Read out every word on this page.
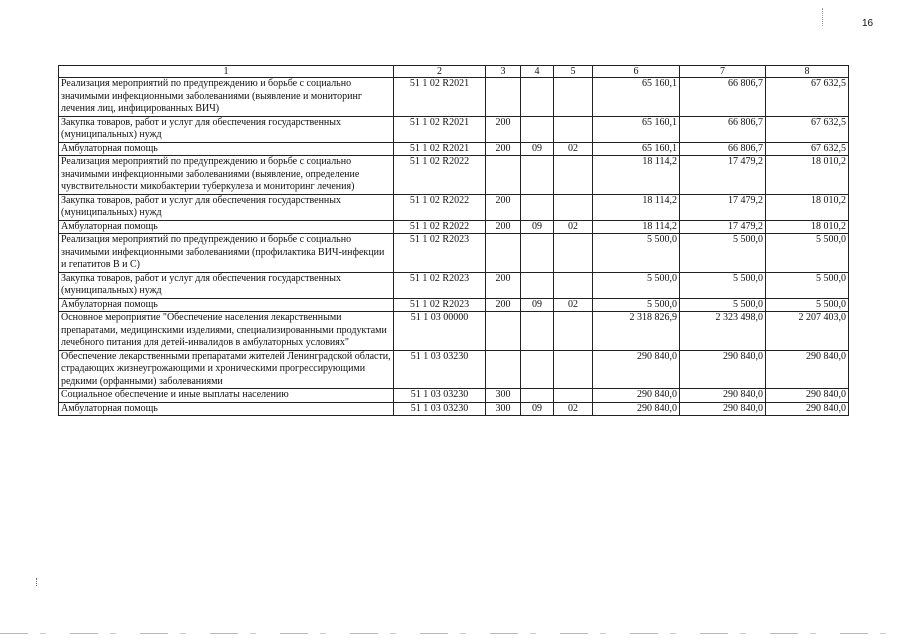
16
1	2	3	4	5	6	7	8
Реализация мероприятий по предупреждению и борьбе с социально значимыми инфекционными заболеваниями (выявление и мониторинг лечения лиц, инфицированных ВИЧ)	51 1 02 R2021				65 160,1	66 806,7	67 632,5
Закупка товаров, работ и услуг для обеспечения государственных (муниципальных) нужд	51 1 02 R2021	200			65 160,1	66 806,7	67 632,5
Амбулаторная помощь	51 1 02 R2021	200	09	02	65 160,1	66 806,7	67 632,5
Реализация мероприятий по предупреждению и борьбе с социально значимыми инфекционными заболеваниями (выявление, определение чувствительности микобактерии туберкулеза и мониторинг лечения)	51 1 02 R2022				18 114,2	17 479,2	18 010,2
Закупка товаров, работ и услуг для обеспечения государственных (муниципальных) нужд	51 1 02 R2022	200			18 114,2	17 479,2	18 010,2
Амбулаторная помощь	51 1 02 R2022	200	09	02	18 114,2	17 479,2	18 010,2
Реализация мероприятий по предупреждению и борьбе с социально значимыми инфекционными заболеваниями (профилактика ВИЧ-инфекции и гепатитов В и С)	51 1 02 R2023				5 500,0	5 500,0	5 500,0
Закупка товаров, работ и услуг для обеспечения государственных (муниципальных) нужд	51 1 02 R2023	200			5 500,0	5 500,0	5 500,0
Амбулаторная помощь	51 1 02 R2023	200	09	02	5 500,0	5 500,0	5 500,0
Основное мероприятие "Обеспечение населения лекарственными препаратами, медицинскими изделиями, специализированными продуктами лечебного питания для детей-инвалидов в амбулаторных условиях"	51 1 03 00000				2 318 826,9	2 323 498,0	2 207 403,0
Обеспечение лекарственными препаратами жителей Ленинградской области, страдающих жизнеугрожающими и хроническими прогрессирующими редкими (орфанными) заболеваниями	51 1 03 03230				290 840,0	290 840,0	290 840,0
Социальное обеспечение и иные выплаты населению	51 1 03 03230	300			290 840,0	290 840,0	290 840,0
Амбулаторная помощь	51 1 03 03230	300	09	02	290 840,0	290 840,0	290 840,0
